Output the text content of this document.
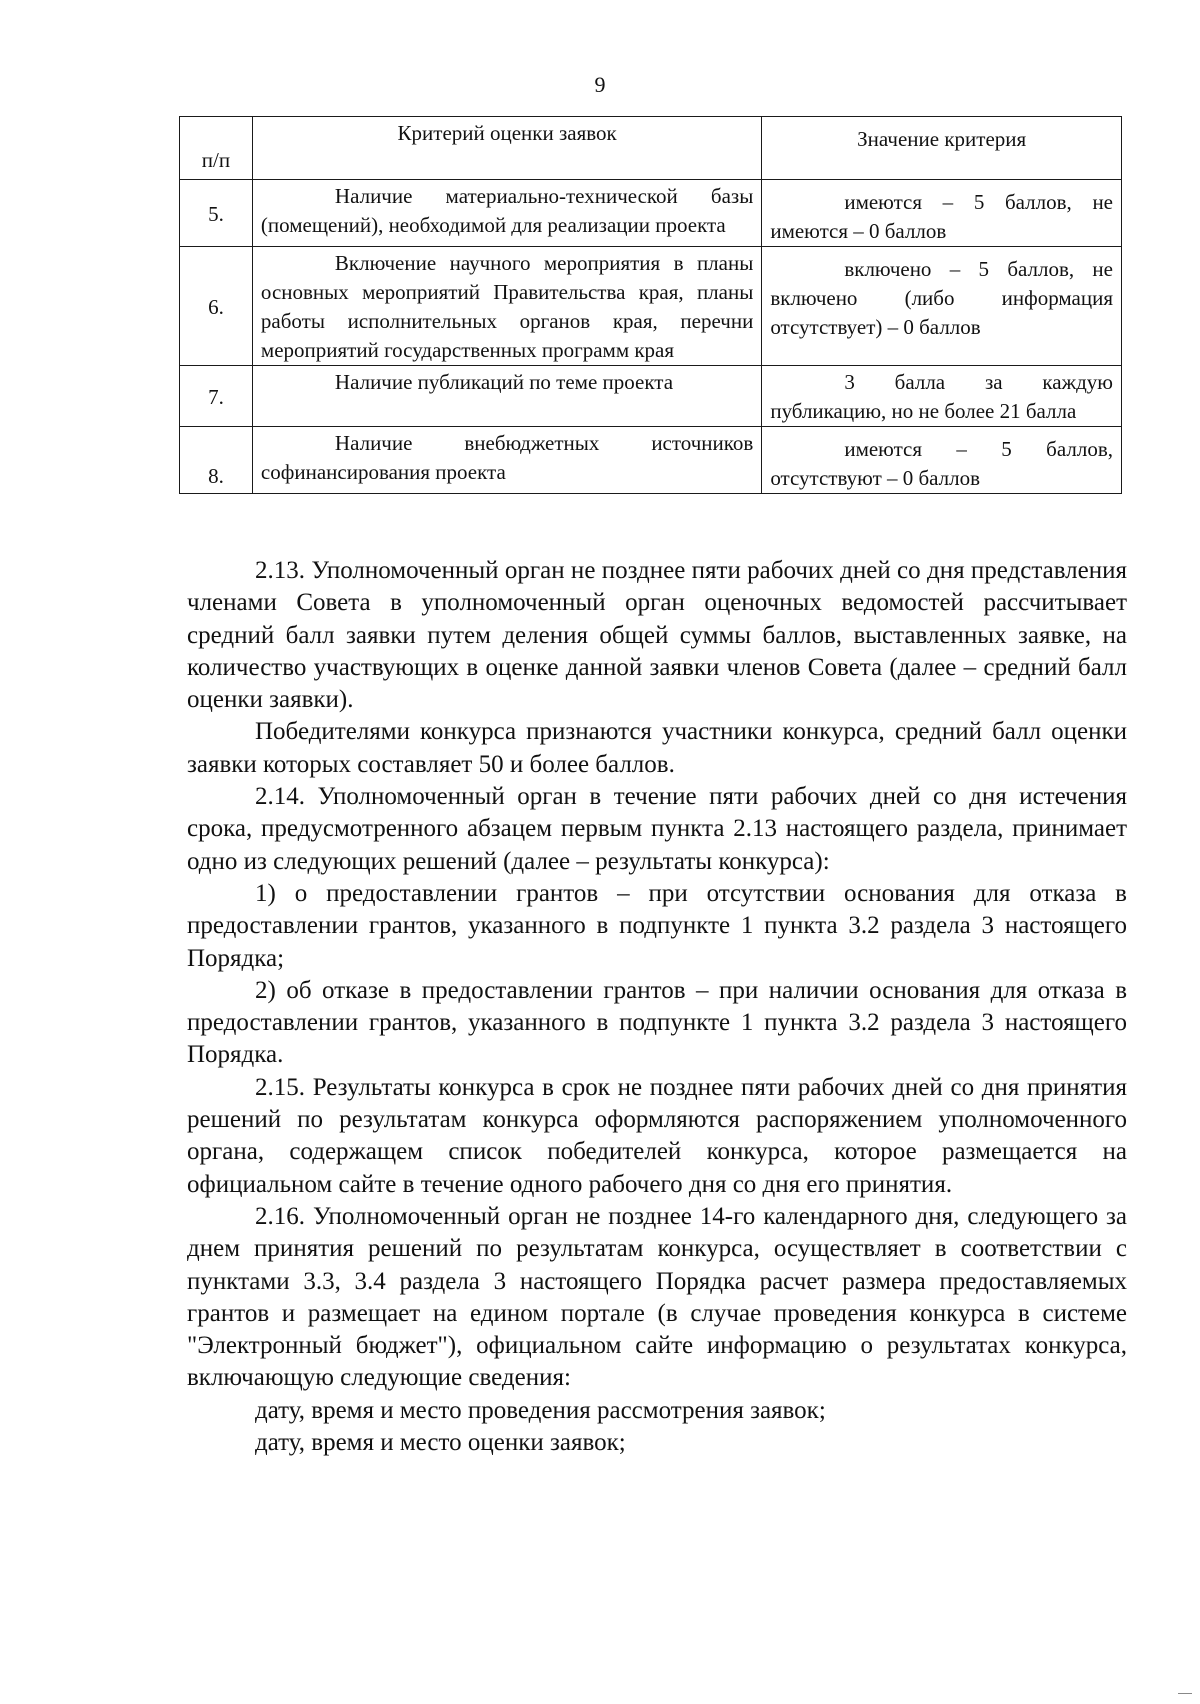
9
п/п	Критерий оценки заявок	Значение критерия
5.	Наличие материально-технической базы (помещений), необходимой для реализации проекта	имеются – 5 баллов, не имеются – 0 баллов
6.	Включение научного мероприятия в планы основных мероприятий Правительства края, планы работы исполнительных органов края, перечни мероприятий государственных программ края	включено – 5 баллов, не включено (либо информация отсутствует) – 0 баллов
7.	Наличие публикаций по теме проекта	3 балла за каждую публикацию, но не более 21 балла
8.	Наличие внебюджетных источников софинансирования проекта	имеются – 5 баллов, отсутствуют – 0 баллов

2.13. Уполномоченный орган не позднее пяти рабочих дней со дня представления членами Совета в уполномоченный орган оценочных ведомостей рассчитывает средний балл заявки путем деления общей суммы баллов, выставленных заявке, на количество участвующих в оценке данной заявки членов Совета (далее – средний балл оценки заявки).

Победителями конкурса признаются участники конкурса, средний балл оценки заявки которых составляет 50 и более баллов.

2.14. Уполномоченный орган в течение пяти рабочих дней со дня истечения срока, предусмотренного абзацем первым пункта 2.13 настоящего раздела, принимает одно из следующих решений (далее – результаты конкурса):

1) о предоставлении грантов – при отсутствии основания для отказа в предоставлении грантов, указанного в подпункте 1 пункта 3.2 раздела 3 настоящего Порядка;

2) об отказе в предоставлении грантов – при наличии основания для отказа в предоставлении грантов, указанного в подпункте 1 пункта 3.2 раздела 3 настоящего Порядка.

2.15. Результаты конкурса в срок не позднее пяти рабочих дней со дня принятия решений по результатам конкурса оформляются распоряжением уполномоченного органа, содержащем список победителей конкурса, которое размещается на официальном сайте в течение одного рабочего дня со дня его принятия.

2.16. Уполномоченный орган не позднее 14-го календарного дня, следующего за днем принятия решений по результатам конкурса, осуществляет в соответствии с пунктами 3.3, 3.4 раздела 3 настоящего Порядка расчет размера предоставляемых грантов и размещает на едином портале (в случае проведения конкурса в системе "Электронный бюджет"), официальном сайте информацию о результатах конкурса, включающую следующие сведения:

дату, время и место проведения рассмотрения заявок;

дату, время и место оценки заявок;
